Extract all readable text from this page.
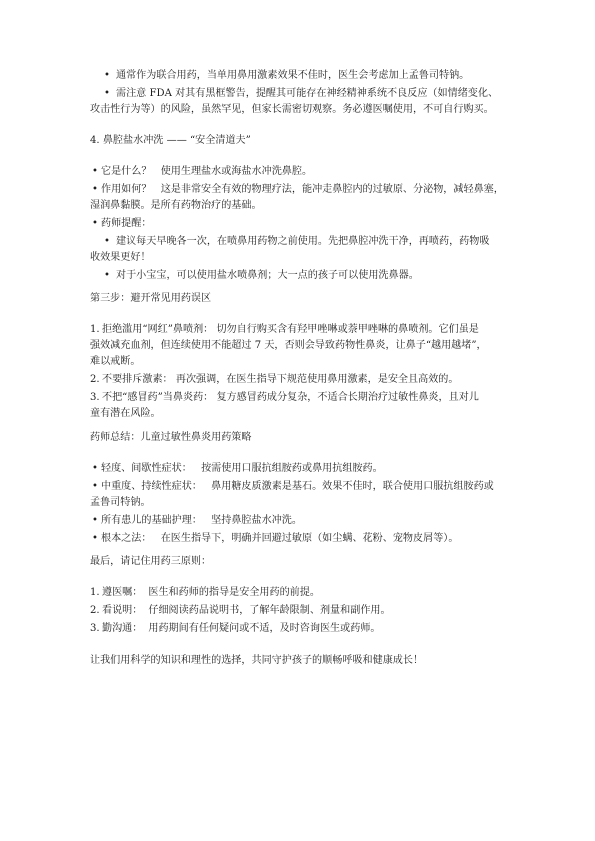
• 通常作为联合用药，当单用鼻用激素效果不佳时，医生会考虑加上孟鲁司特钠。
• 需注意 FDA 对其有黑框警告，提醒其可能存在神经精神系统不良反应（如情绪变化、
攻击性行为等）的风险，虽然罕见，但家长需密切观察。务必遵医嘱使用，不可自行购买。
4. 鼻腔盐水冲洗 —— “安全清道夫”
• 它是什么？ 使用生理盐水或海盐水冲洗鼻腔。
• 作用如何？ 这是非常安全有效的物理疗法，能冲走鼻腔内的过敏原、分泌物，减轻鼻塞，
湿润鼻黏膜。是所有药物治疗的基础。
• 药师提醒：
• 建议每天早晚各一次，在喷鼻用药物之前使用。先把鼻腔冲洗干净，再喷药，药物吸
收效果更好！
• 对于小宝宝，可以使用盐水喷鼻剂；大一点的孩子可以使用洗鼻器。
第三步：避开常见用药误区
1. 拒绝滥用“网红”鼻喷剂： 切勿自行购买含有羟甲唑啉或萘甲唑啉的鼻喷剂。它们虽是
强效减充血剂，但连续使用不能超过 7 天，否则会导致药物性鼻炎，让鼻子“越用越堵”，
难以戒断。
2. 不要排斥激素： 再次强调，在医生指导下规范使用鼻用激素，是安全且高效的。
3. 不把“感冒药”当鼻炎药： 复方感冒药成分复杂，不适合长期治疗过敏性鼻炎，且对儿
童有潜在风险。
药师总结：儿童过敏性鼻炎用药策略
• 轻度、间歇性症状： 按需使用口服抗组胺药或鼻用抗组胺药。
• 中重度、持续性症状： 鼻用糖皮质激素是基石。效果不佳时，联合使用口服抗组胺药或
孟鲁司特钠。
• 所有患儿的基础护理： 坚持鼻腔盐水冲洗。
• 根本之法： 在医生指导下，明确并回避过敏原（如尘螨、花粉、宠物皮屑等）。
最后，请记住用药三原则：
1. 遵医嘱： 医生和药师的指导是安全用药的前提。
2. 看说明： 仔细阅读药品说明书，了解年龄限制、剂量和副作用。
3. 勤沟通： 用药期间有任何疑问或不适，及时咨询医生或药师。
让我们用科学的知识和理性的选择，共同守护孩子的顺畅呼吸和健康成长！
